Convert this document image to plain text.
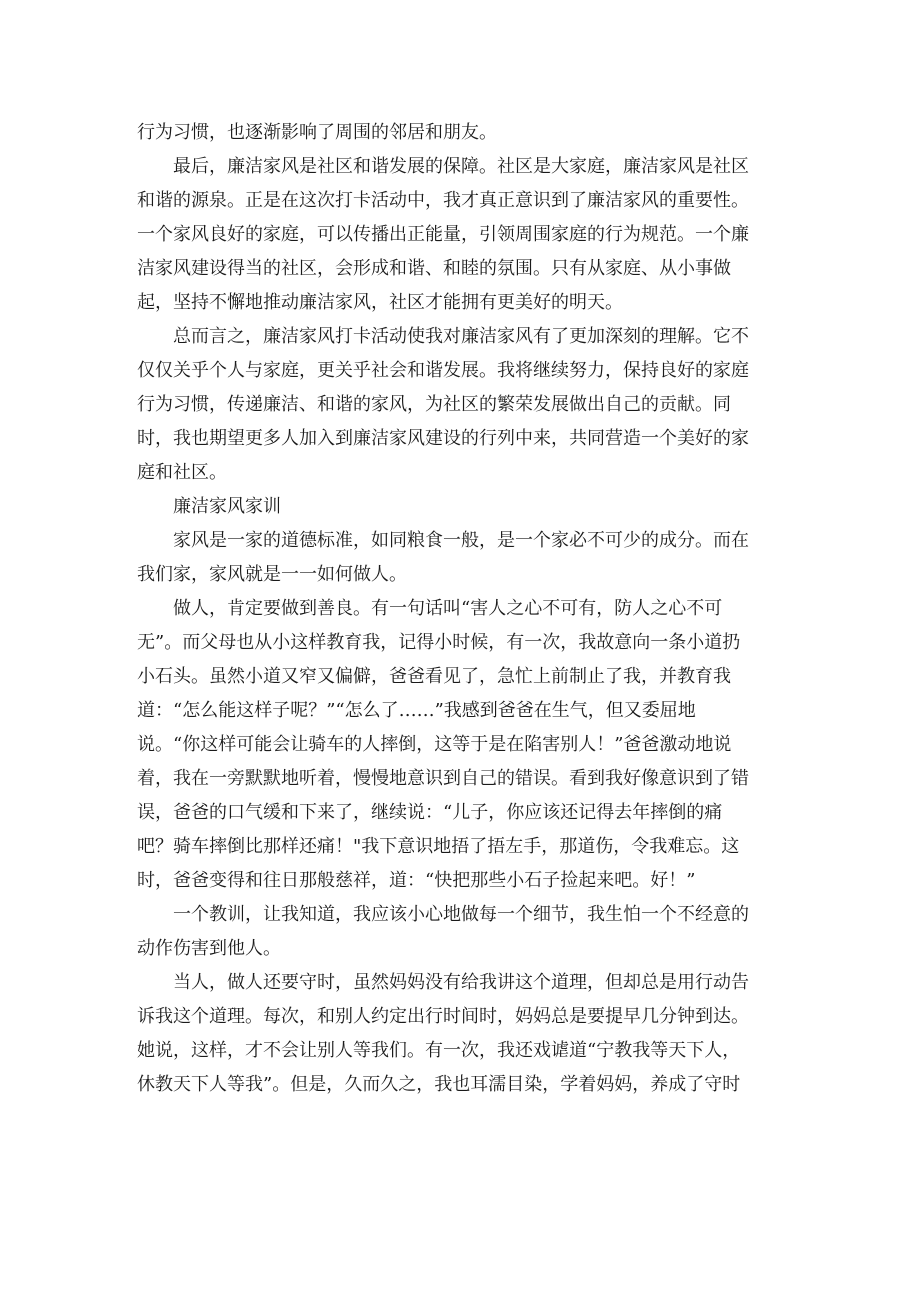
行为习惯，也逐渐影响了周围的邻居和朋友。

最后，廉洁家风是社区和谐发展的保障。社区是大家庭，廉洁家风是社区

和谐的源泉。正是在这次打卡活动中，我才真正意识到了廉洁家风的重要性。

一个家风良好的家庭，可以传播出正能量，引领周围家庭的行为规范。一个廉

洁家风建设得当的社区，会形成和谐、和睦的氛围。只有从家庭、从小事做

起，坚持不懈地推动廉洁家风，社区才能拥有更美好的明天。

总而言之，廉洁家风打卡活动使我对廉洁家风有了更加深刻的理解。它不

仅仅关乎个人与家庭，更关乎社会和谐发展。我将继续努力，保持良好的家庭

行为习惯，传递廉洁、和谐的家风，为社区的繁荣发展做出自己的贡献。同

时，我也期望更多人加入到廉洁家风建设的行列中来，共同营造一个美好的家

庭和社区。

廉洁家风家训

家风是一家的道德标准，如同粮食一般，是一个家必不可少的成分。而在

我们家，家风就是一一如何做人。

做人，肯定要做到善良。有一句话叫“害人之心不可有，防人之心不可

无”。而父母也从小这样教育我，记得小时候，有一次，我故意向一条小道扔

小石头。虽然小道又窄又偏僻，爸爸看见了，急忙上前制止了我，并教育我

道：“怎么能这样子呢？”“怎么了……”我感到爸爸在生气，但又委屈地

说。“你这样可能会让骑车的人摔倒，这等于是在陷害别人！”爸爸激动地说

着，我在一旁默默地听着，慢慢地意识到自己的错误。看到我好像意识到了错

误，爸爸的口气缓和下来了，继续说：“儿子，你应该还记得去年摔倒的痛

吧？骑车摔倒比那样还痛！"我下意识地捂了捂左手，那道伤，令我难忘。这

时，爸爸变得和往日那般慈祥，道：“快把那些小石子捡起来吧。好！”

一个教训，让我知道，我应该小心地做每一个细节，我生怕一个不经意的

动作伤害到他人。

当人，做人还要守时，虽然妈妈没有给我讲这个道理，但却总是用行动告

诉我这个道理。每次，和别人约定出行时间时，妈妈总是要提早几分钟到达。

她说，这样，才不会让别人等我们。有一次，我还戏谑道“宁教我等天下人，

休教天下人等我”。但是，久而久之，我也耳濡目染，学着妈妈，养成了守时
